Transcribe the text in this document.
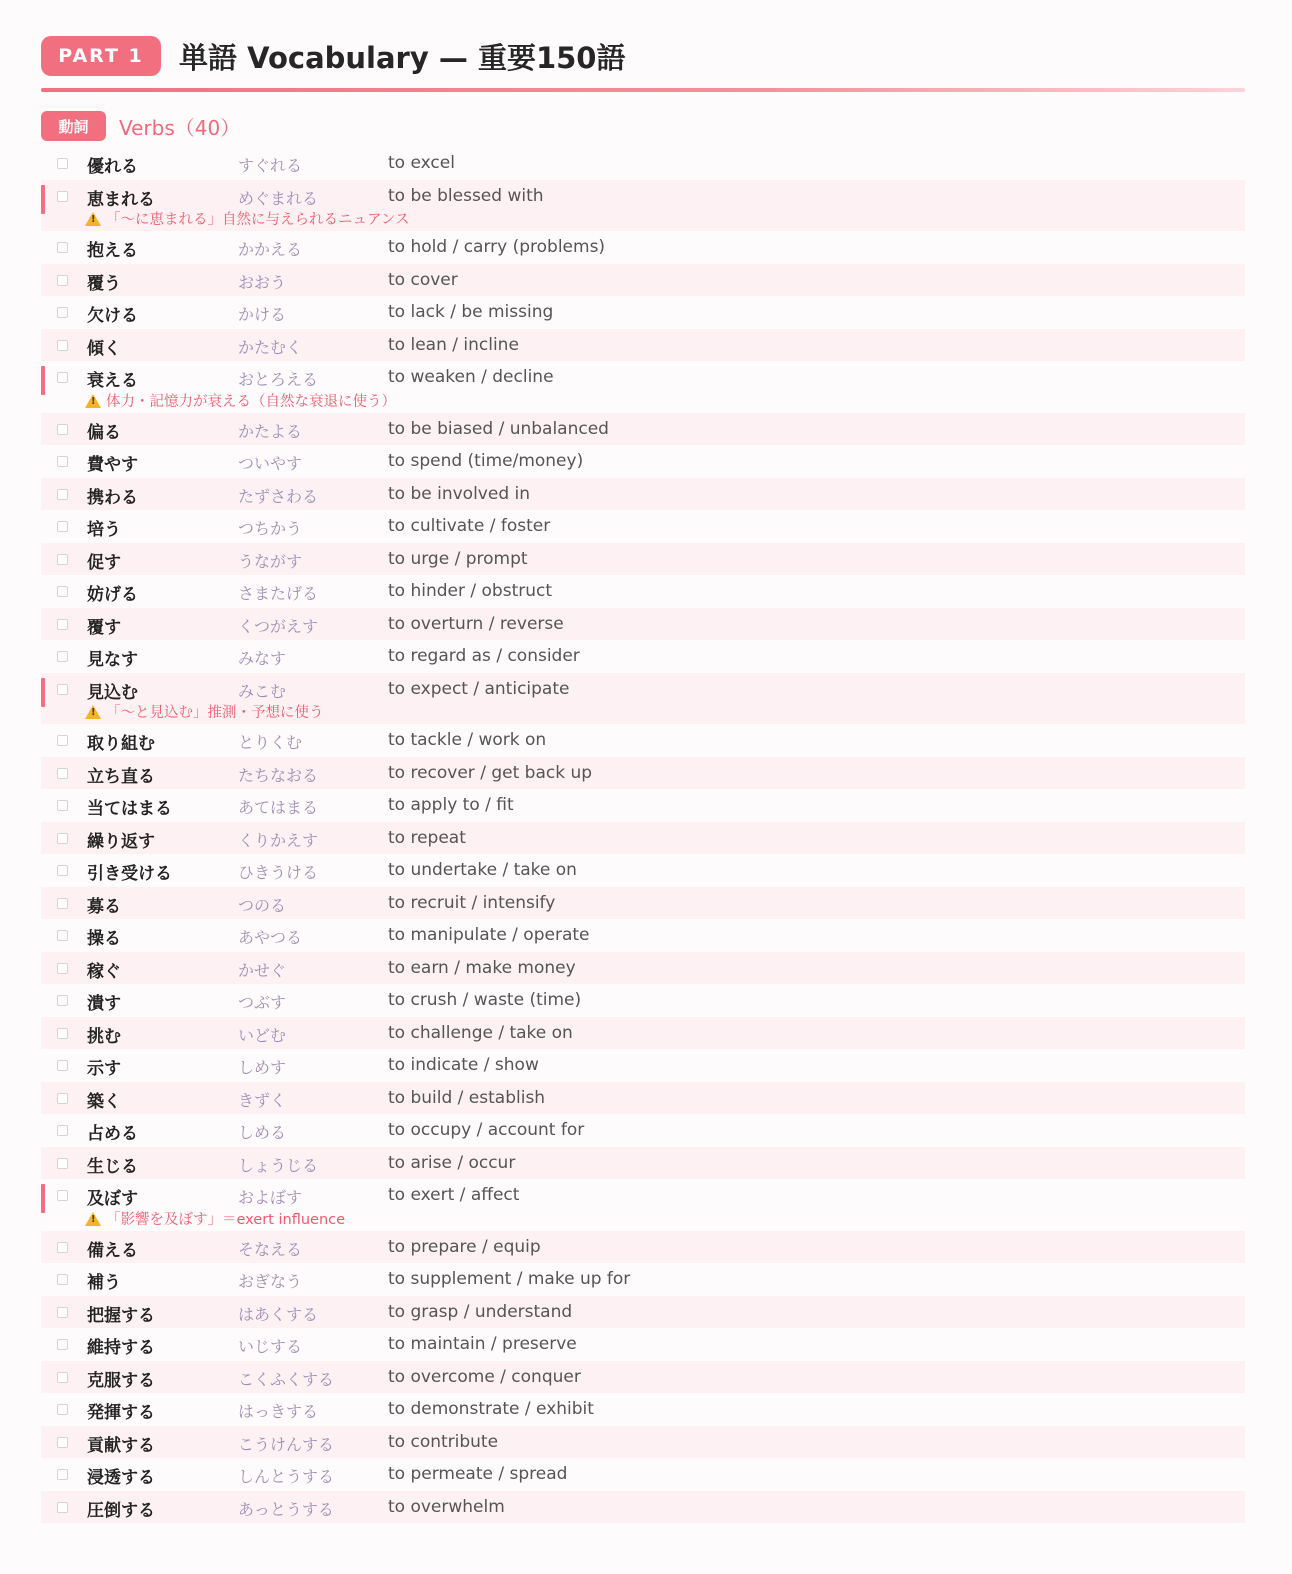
PART 1	単語 Vocabulary — 重要150語
動詞	Verbs（40）
優れる	すぐれる	to excel
恵まれる	めぐまれる	to be blessed with
!「〜に恵まれる」自然に与えられるニュアンス
抱える	かかえる	to hold / carry (problems)
覆う	おおう	to cover
欠ける	かける	to lack / be missing
傾く	かたむく	to lean / incline
衰える	おとろえる	to weaken / decline
!体力・記憶力が衰える（自然な衰退に使う）
偏る	かたよる	to be biased / unbalanced
費やす	ついやす	to spend (time/money)
携わる	たずさわる	to be involved in
培う	つちかう	to cultivate / foster
促す	うながす	to urge / prompt
妨げる	さまたげる	to hinder / obstruct
覆す	くつがえす	to overturn / reverse
見なす	みなす	to regard as / consider
見込む	みこむ	to expect / anticipate
!「〜と見込む」推測・予想に使う
取り組む	とりくむ	to tackle / work on
立ち直る	たちなおる	to recover / get back up
当てはまる	あてはまる	to apply to / fit
繰り返す	くりかえす	to repeat
引き受ける	ひきうける	to undertake / take on
募る	つのる	to recruit / intensify
操る	あやつる	to manipulate / operate
稼ぐ	かせぐ	to earn / make money
潰す	つぶす	to crush / waste (time)
挑む	いどむ	to challenge / take on
示す	しめす	to indicate / show
築く	きずく	to build / establish
占める	しめる	to occupy / account for
生じる	しょうじる	to arise / occur
及ぼす	およぼす	to exert / affect
!「影響を及ぼす」＝exert influence
備える	そなえる	to prepare / equip
補う	おぎなう	to supplement / make up for
把握する	はあくする	to grasp / understand
維持する	いじする	to maintain / preserve
克服する	こくふくする	to overcome / conquer
発揮する	はっきする	to demonstrate / exhibit
貢献する	こうけんする	to contribute
浸透する	しんとうする	to permeate / spread
圧倒する	あっとうする	to overwhelm
